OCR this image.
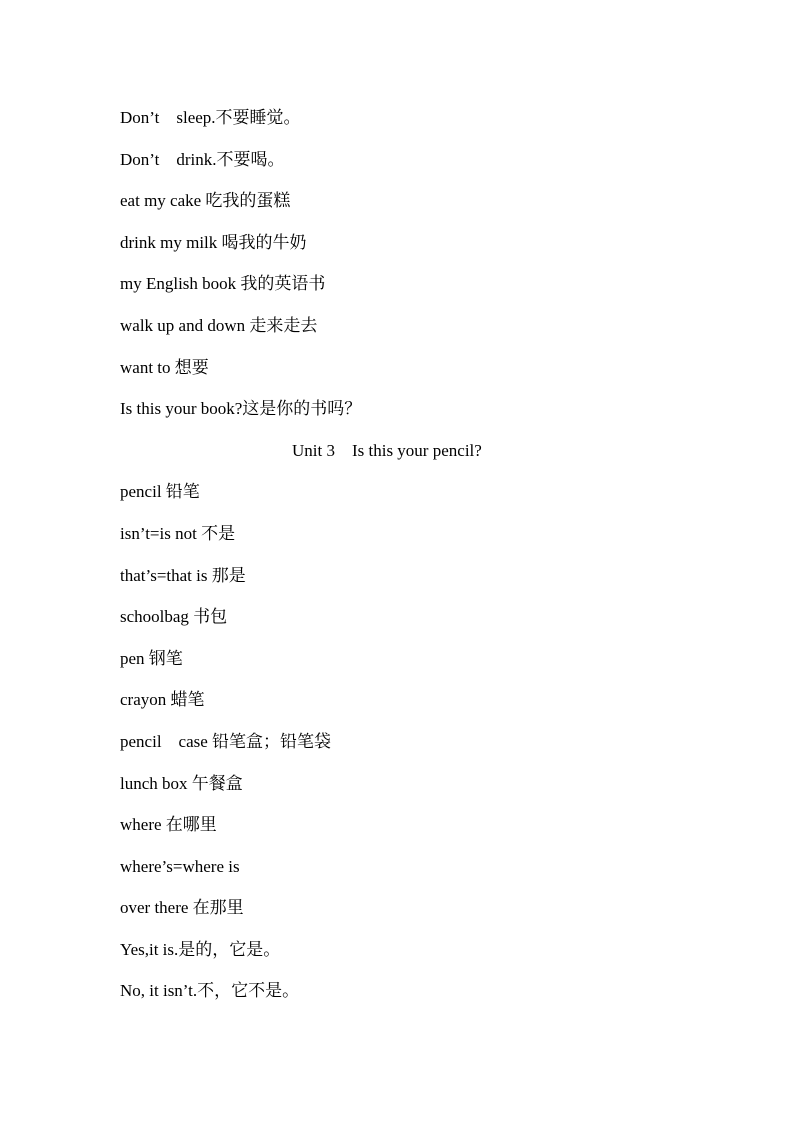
Don’t    sleep.不要睡觉。
Don’t    drink.不要喝。
eat my cake 吃我的蛋糕
drink my milk 喝我的牛奶
my English book 我的英语书
walk up and down 走来走去
want to 想要
Is this your book?这是你的书吗？
Unit 3    Is this your pencil?
pencil 铅笔
isn’t=is not 不是
that’s=that is 那是
schoolbag 书包
pen 钢笔
crayon 蜡笔
pencil    case 铅笔盒；铅笔袋
lunch box 午餐盒
where 在哪里
where’s=where is
over there 在那里
Yes,it is.是的，它是。
No, it isn’t.不，它不是。
